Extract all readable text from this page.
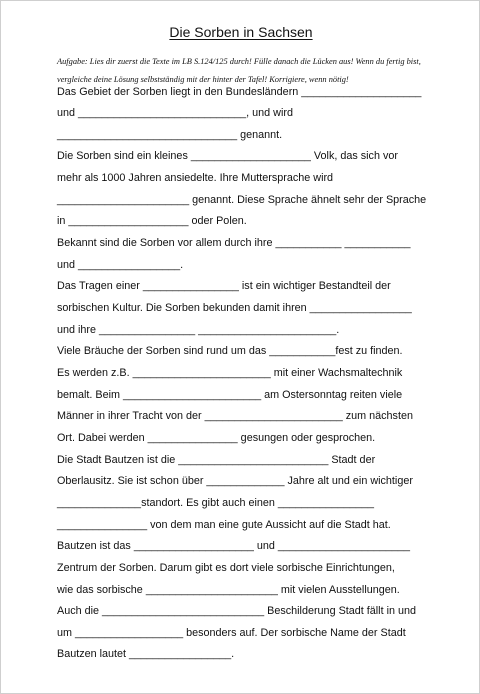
Die Sorben in Sachsen

Aufgabe: Lies dir zuerst die Texte im LB S.124/125 durch! Fülle danach die Lücken aus! Wenn du fertig bist, vergleiche deine Lösung selbstständig mit der hinter der Tafel! Korrigiere, wenn nötig!

Das Gebiet der Sorben liegt in den Bundesländern ____________________
und ____________________________, und wird
______________________________ genannt.
Die Sorben sind ein kleines ____________________ Volk, das sich vor
mehr als 1000 Jahren ansiedelte. Ihre Muttersprache wird
______________________ genannt. Diese Sprache ähnelt sehr der Sprache
in ____________________ oder Polen.
Bekannt sind die Sorben vor allem durch ihre ___________ ___________
und _________________.
Das Tragen einer ________________ ist ein wichtiger Bestandteil der
sorbischen Kultur. Die Sorben bekunden damit ihren _________________
und ihre ________________ _______________________.
Viele Bräuche der Sorben sind rund um das ___________fest zu finden.
Es werden z.B. _______________________ mit einer Wachsmaltechnik
bemalt. Beim _______________________ am Ostersonntag reiten viele
Männer in ihrer Tracht von der _______________________ zum nächsten
Ort. Dabei werden _______________ gesungen oder gesprochen.
Die Stadt Bautzen ist die _________________________ Stadt der
Oberlausitz. Sie ist schon über _____________ Jahre alt und ein wichtiger
______________standort. Es gibt auch einen ________________
_______________ von dem man eine gute Aussicht auf die Stadt hat.
Bautzen ist das ____________________ und ______________________
Zentrum der Sorben. Darum gibt es dort viele sorbische Einrichtungen,
wie das sorbische ______________________ mit vielen Ausstellungen.
Auch die ___________________________ Beschilderung Stadt fällt in und
um __________________ besonders auf. Der sorbische Name der Stadt
Bautzen lautet _________________.
